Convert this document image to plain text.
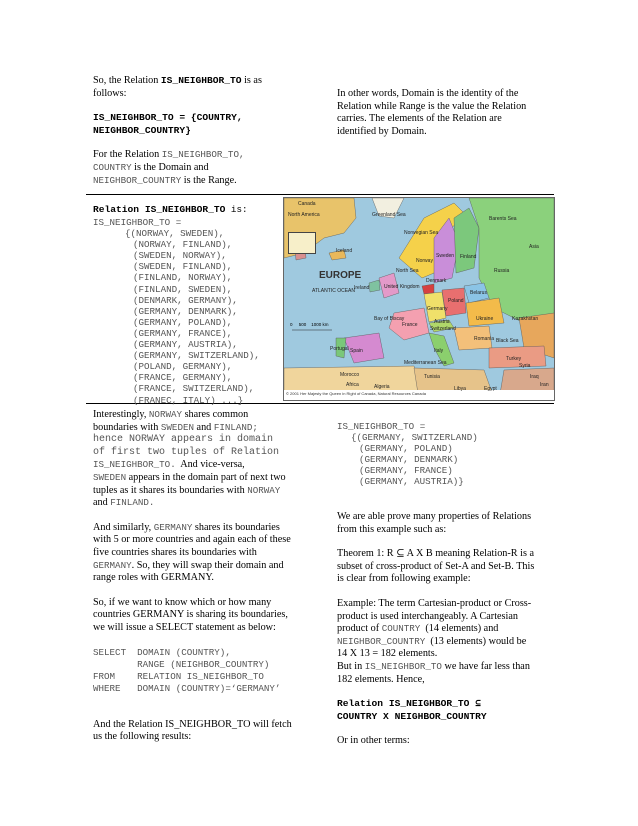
So, the Relation IS_NEIGHBOR_TO is as
follows:
IS_NEIGHBOR_TO = {COUNTRY,
NEIGHBOR_COUNTRY}
For the Relation IS_NEIGHBOR_TO,
COUNTRY is the Domain and
NEIGHBOR_COUNTRY is the Range.
In other words, Domain is the identity of the
Relation while Range is the value the Relation
carries. The elements of the Relation are
identified by Domain.
Relation IS_NEIGHBOR_TO is:
IS_NEIGHBOR_TO =
{(NORWAY, SWEDEN),
(NORWAY, FINLAND),
(SWEDEN, NORWAY),
(SWEDEN, FINLAND),
(FINLAND, NORWAY),
(FINLAND, SWEDEN),
(DENMARK, GERMANY),
(GERMANY, DENMARK),
(GERMANY, POLAND),
(GERMANY, FRANCE),
(GERMANY, AUSTRIA),
(GERMANY, SWITZERLAND),
(POLAND, GERMANY),
(FRANCE, GERMANY),
(FRANCE, SWITZERLAND),
(FRANEC, ITALY) ...}
Canada
North America	Greenland Sea
Norwegian Sea
Barents Sea
Iceland
Norway
Sweden Finland
Russia
Asia
ATLANTIC OCEAN Ireland	United Kingdom
North Sea
Denmark
Germany
Poland
Belarus
Ukraine	Kazakhstan
Bay of Biscay
France
Switzerland
Austria
Romania Black Sea
Spain
Portugal	Italy
Mediterranean Sea
Morocco
Algeria
Tunisia
Libya	Egypt
Turkey
Syria
Iraq
Iran
Africa
EUROPE
0     500    1000 km
© 2001 Her Majesty the Queen in Right of Canada, Natural Resources Canada
Interestingly, NORWAY shares common
boundaries with SWEDEN and FINLAND;
hence NORWAY appears in domain
of first two tuples of Relation
IS_NEIGHBOR_TO.  And vice-versa,
SWEDEN appears in the domain part of next two
tuples as it shares its boundaries with NORWAY
and FINLAND.
And similarly, GERMANY shares its boundaries
with 5 or more countries and again each of these
five countries shares its boundaries with
GERMANY. So, they will swap their domain and
range roles with GERMANY.
So, if we want to know which or how many
countries GERMANY is sharing its boundaries,
we will issue a SELECT statement as below:
SELECT  DOMAIN (COUNTRY),
RANGE (NEIGHBOR_COUNTRY)
FROM    RELATION IS_NEIGHBOR_TO
WHERE   DOMAIN (COUNTRY)=‘GERMANY’
And the Relation IS_NEIGHBOR_TO will fetch
us the following results:
IS_NEIGHBOR_TO =
{(GERMANY, SWITZERLAND)
(GERMANY, POLAND)
(GERMANY, DENMARK)
(GERMANY, FRANCE)
(GERMANY, AUSTRIA)}
We are able prove many properties of Relations
from this example such as:
Theorem 1: R ⊆ A X B meaning Relation-R is a
subset of cross-product of Set-A and Set-B. This
is clear from following example:
Example: The term Cartesian-product or Cross-
product is used interchangeably. A Cartesian
product of COUNTRY  (14 elements) and
NEIGHBOR_COUNTRY  (13 elements) would be
14 X 13 = 182 elements.
But in IS_NEIGHBOR_TO we have far less than
182 elements. Hence,
Relation IS_NEIGHBOR_TO ⊆
COUNTRY X NEIGHBOR_COUNTRY
Or in other terms:
